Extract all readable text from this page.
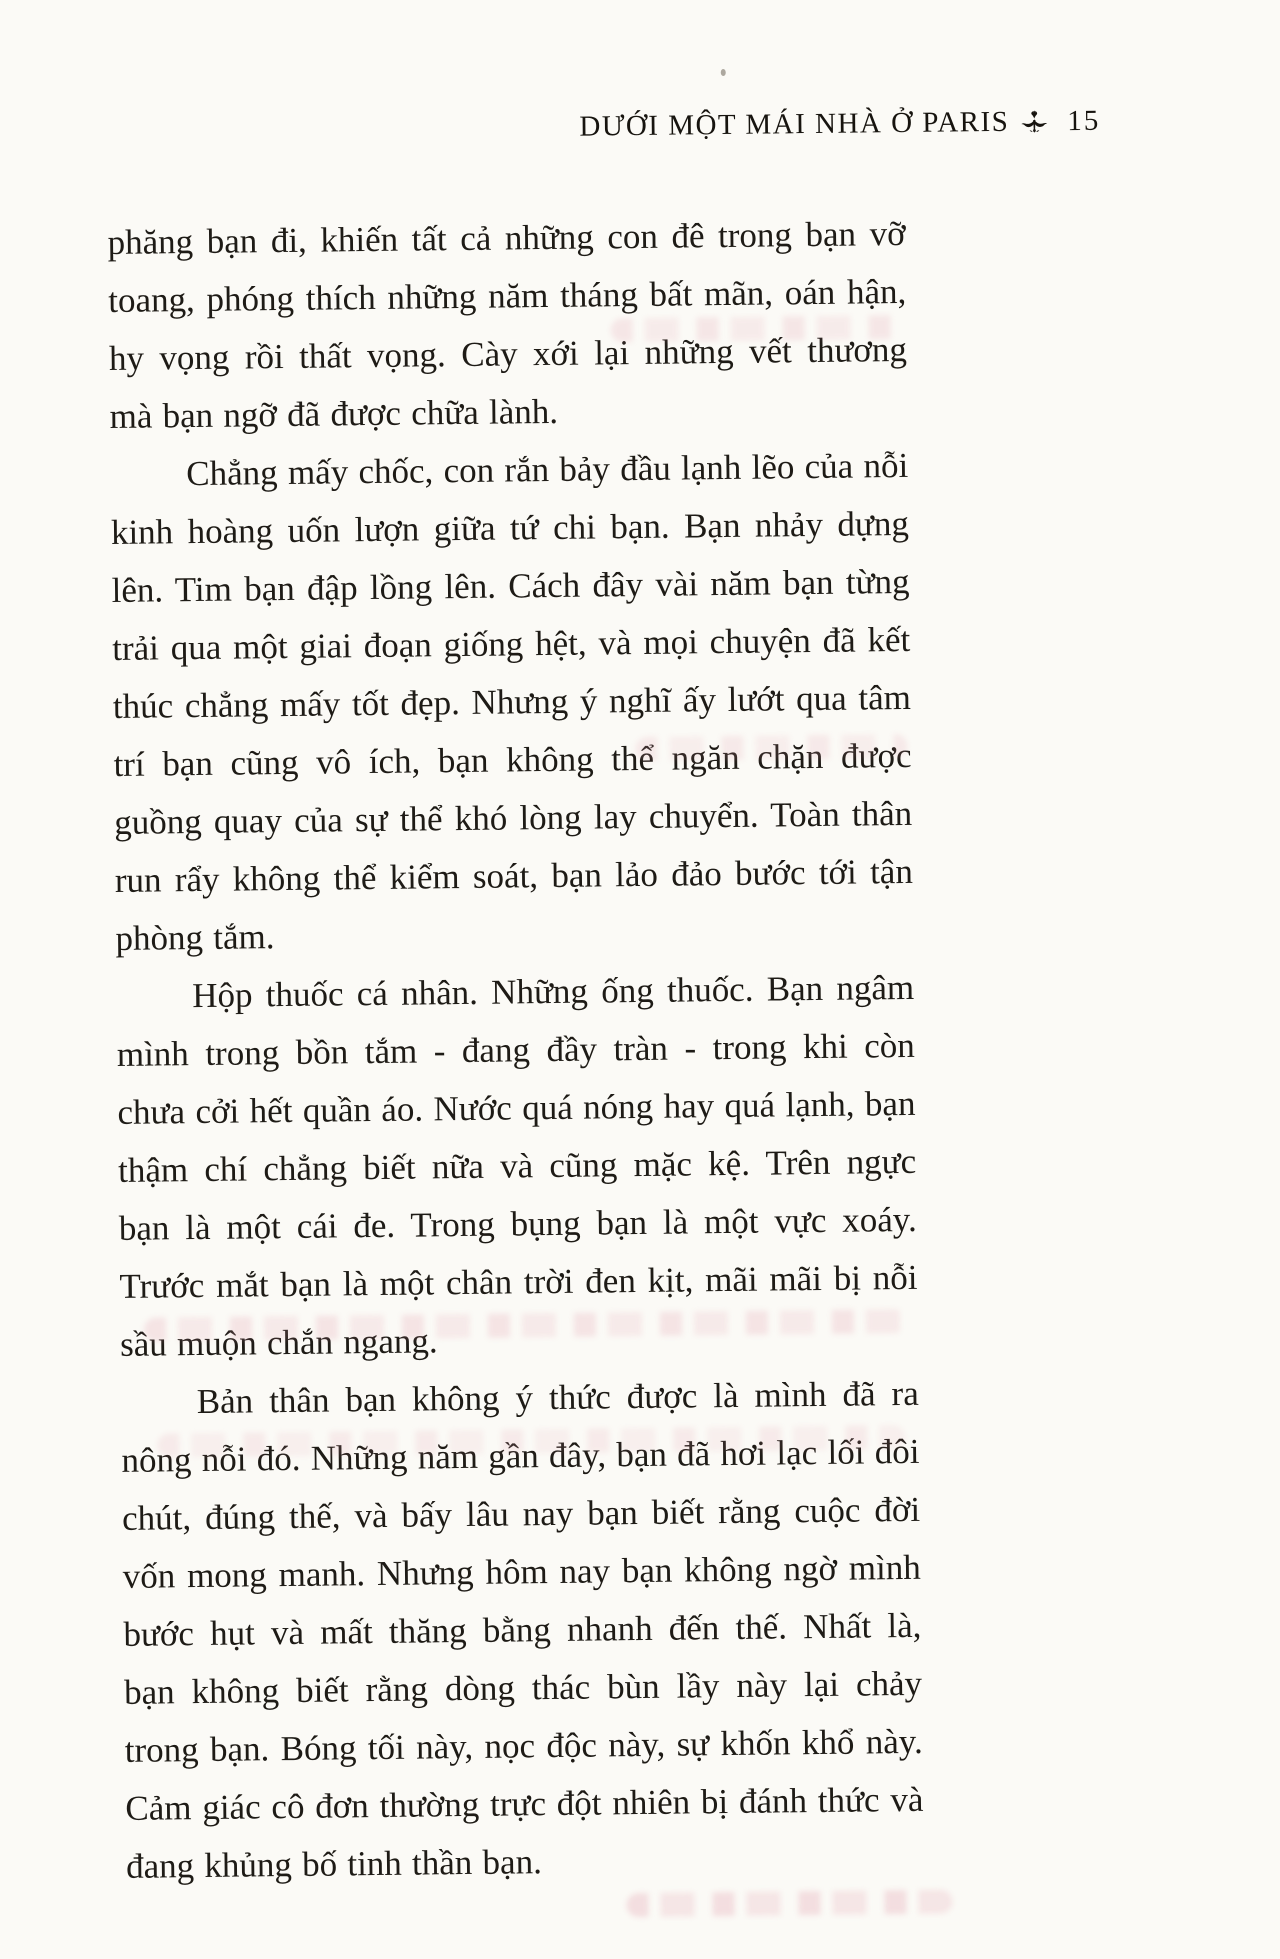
DƯỚI MỘT MÁI NHÀ Ở PARIS 15

phăng bạn đi, khiến tất cả những con đê trong bạn vỡ toang, phóng thích những năm tháng bất mãn, oán hận, hy vọng rồi thất vọng. Cày xới lại những vết thương mà bạn ngỡ đã được chữa lành.

Chẳng mấy chốc, con rắn bảy đầu lạnh lẽo của nỗi kinh hoàng uốn lượn giữa tứ chi bạn. Bạn nhảy dựng lên. Tim bạn đập lồng lên. Cách đây vài năm bạn từng trải qua một giai đoạn giống hệt, và mọi chuyện đã kết thúc chẳng mấy tốt đẹp. Nhưng ý nghĩ ấy lướt qua tâm trí bạn cũng vô ích, bạn không thể ngăn chặn được guồng quay của sự thể khó lòng lay chuyển. Toàn thân run rẩy không thể kiểm soát, bạn lảo đảo bước tới tận phòng tắm.

Hộp thuốc cá nhân. Những ống thuốc. Bạn ngâm mình trong bồn tắm - đang đầy tràn - trong khi còn chưa cởi hết quần áo. Nước quá nóng hay quá lạnh, bạn thậm chí chẳng biết nữa và cũng mặc kệ. Trên ngực bạn là một cái đe. Trong bụng bạn là một vực xoáy. Trước mắt bạn là một chân trời đen kịt, mãi mãi bị nỗi sầu muộn chắn ngang.

Bản thân bạn không ý thức được là mình đã ra nông nỗi đó. Những năm gần đây, bạn đã hơi lạc lối đôi chút, đúng thế, và bấy lâu nay bạn biết rằng cuộc đời vốn mong manh. Nhưng hôm nay bạn không ngờ mình bước hụt và mất thăng bằng nhanh đến thế. Nhất là, bạn không biết rằng dòng thác bùn lầy này lại chảy trong bạn. Bóng tối này, nọc độc này, sự khốn khổ này. Cảm giác cô đơn thường trực đột nhiên bị đánh thức và đang khủng bố tinh thần bạn.
